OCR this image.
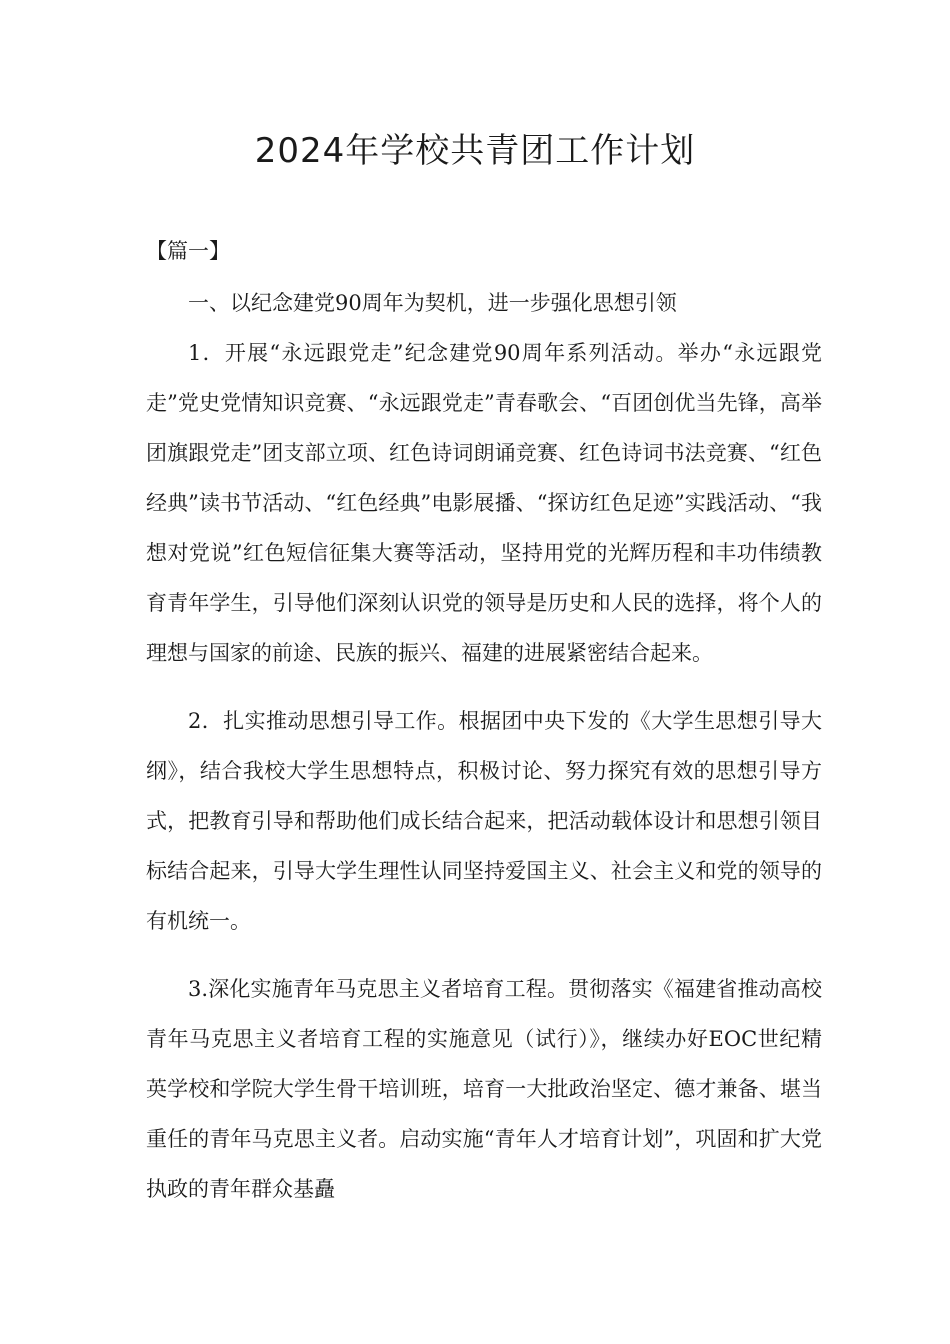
2024年学校共青团工作计划
【篇一】

一、以纪念建党90周年为契机，进一步强化思想引领

1．开展“永远跟党走”纪念建党90周年系列活动。举办“永远跟党走”党史党情知识竞赛、“永远跟党走”青春歌会、“百团创优当先锋，高举团旗跟党走”团支部立项、红色诗词朗诵竞赛、红色诗词书法竞赛、“红色经典”读书节活动、“红色经典”电影展播、“探访红色足迹”实践活动、“我想对党说”红色短信征集大赛等活动，坚持用党的光辉历程和丰功伟绩教育青年学生，引导他们深刻认识党的领导是历史和人民的选择，将个人的理想与国家的前途、民族的振兴、福建的进展紧密结合起来。

2．扎实推动思想引导工作。根据团中央下发的《大学生思想引导大纲》，结合我校大学生思想特点，积极讨论、努力探究有效的思想引导方式，把教育引导和帮助他们成长结合起来，把活动载体设计和思想引领目标结合起来，引导大学生理性认同坚持爱国主义、社会主义和党的领导的有机统一。

3.深化实施青年马克思主义者培育工程。贯彻落实《福建省推动高校青年马克思主义者培育工程的实施意见（试行）》，继续办好EOC世纪精英学校和学院大学生骨干培训班，培育一大批政治坚定、德才兼备、堪当重任的青年马克思主义者。启动实施“青年人才培育计划”，巩固和扩大党执政的青年群众基矗
